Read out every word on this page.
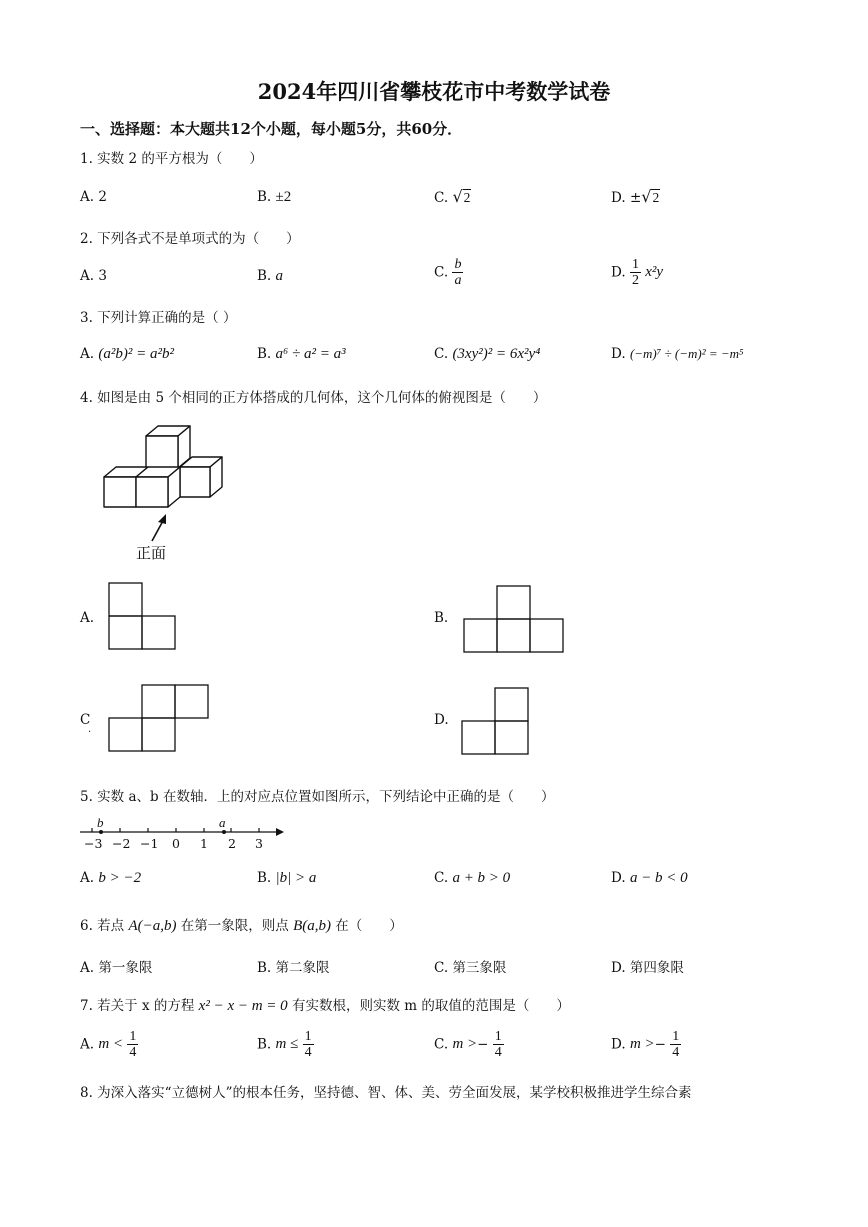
2024年四川省攀枝花市中考数学试卷
一、选择题：本大题共12个小题，每小题5分，共60分．
1. 实数 2 的平方根为（　　）
A. 2	B. ±2	C. √2	D. ±√2
2. 下列各式不是单项式的为（　　）
A. 3	B. a	C. $\frac{b}{a}$	D. $\frac{1}{2} x^2y$
3. 下列计算正确的是（ ）
A. (a²b)² = a²b²	B. a⁶ ÷ a² = a³	C. (3xy²)² = 6x²y⁴	D. (−m)⁷ ÷ (−m)² = −m⁵
4. 如图是由 5 个相同的正方体搭成的几何体，这个几何体的俯视图是（　　）
正面
A.	B.
C
.
D.
5. 实数 a、b 在数轴．上的对应点位置如图所示，下列结论中正确的是（　　）
b	a
−3 −2 −1 0 1 2 3
A. b > −2	B. |b| > a	C. a + b > 0	D. a − b < 0
6. 若点 A(−a,b) 在第一象限，则点 B(a,b) 在（　　）
A. 第一象限	B. 第二象限	C. 第三象限	D. 第四象限
7. 若关于 x 的方程 x² − x − m = 0 有实数根，则实数 m 的取值的范围是（　　）
A. $m < \frac{1}{4}$	B. $m \le \frac{1}{4}$	C. $m >- \frac{1}{4}$	D. $m >- \frac{1}{4}$
8. 为深入落实“立德树人”的根本任务，坚持德、智、体、美、劳全面发展，某学校积极推进学生综合素
